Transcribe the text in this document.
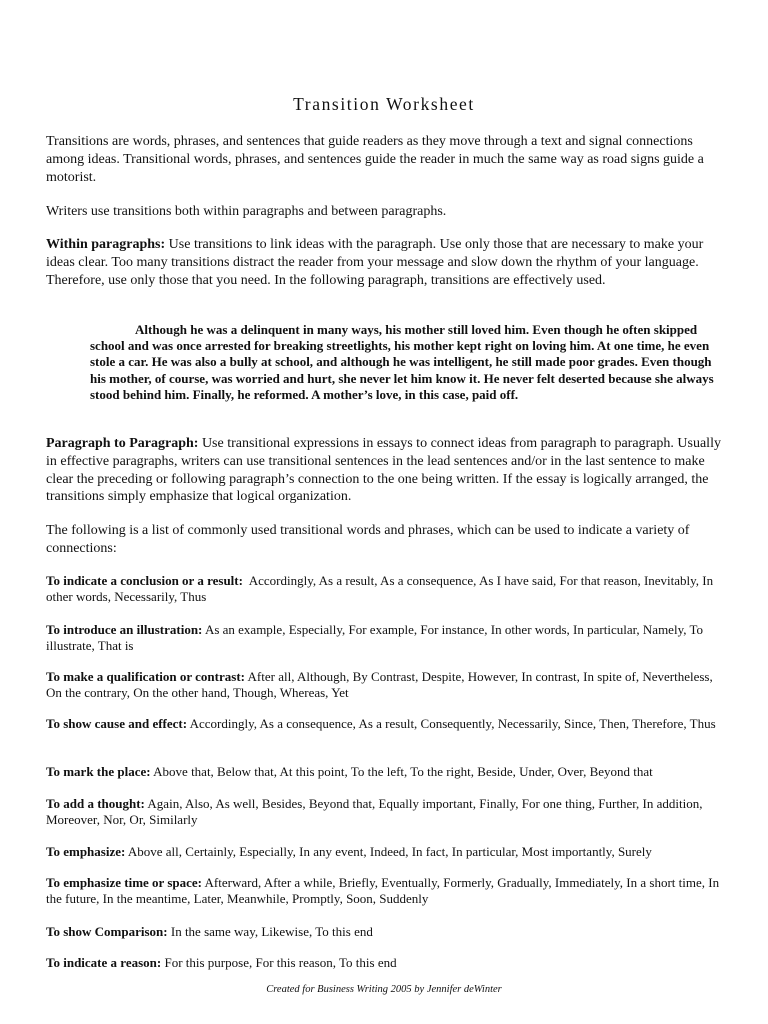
Transition Worksheet

Transitions are words, phrases, and sentences that guide readers as they move through a text and signal connections among ideas. Transitional words, phrases, and sentences guide the reader in much the same way as road signs guide a motorist.

Writers use transitions both within paragraphs and between paragraphs.

Within paragraphs: Use transitions to link ideas with the paragraph. Use only those that are necessary to make your ideas clear. Too many transitions distract the reader from your message and slow down the rhythm of your language. Therefore, use only those that you need. In the following paragraph, transitions are effectively used.

Although he was a delinquent in many ways, his mother still loved him. Even though he often skipped school and was once arrested for breaking streetlights, his mother kept right on loving him. At one time, he even stole a car. He was also a bully at school, and although he was intelligent, he still made poor grades. Even though his mother, of course, was worried and hurt, she never let him know it. He never felt deserted because she always stood behind him. Finally, he reformed. A mother’s love, in this case, paid off.

Paragraph to Paragraph: Use transitional expressions in essays to connect ideas from paragraph to paragraph. Usually in effective paragraphs, writers can use transitional sentences in the lead sentences and/or in the last sentence to make clear the preceding or following paragraph’s connection to the one being written. If the essay is logically arranged, the transitions simply emphasize that logical organization.

The following is a list of commonly used transitional words and phrases, which can be used to indicate a variety of connections:

To indicate a conclusion or a result: Accordingly, As a result, As a consequence, As I have said, For that reason, Inevitably, In other words, Necessarily, Thus

To introduce an illustration: As an example, Especially, For example, For instance, In other words, In particular, Namely, To illustrate, That is

To make a qualification or contrast: After all, Although, By Contrast, Despite, However, In contrast, In spite of, Nevertheless, On the contrary, On the other hand, Though, Whereas, Yet

To show cause and effect: Accordingly, As a consequence, As a result, Consequently, Necessarily, Since, Then, Therefore, Thus

To mark the place: Above that, Below that, At this point, To the left, To the right, Beside, Under, Over, Beyond that

To add a thought: Again, Also, As well, Besides, Beyond that, Equally important, Finally, For one thing, Further, In addition, Moreover, Nor, Or, Similarly

To emphasize: Above all, Certainly, Especially, In any event, Indeed, In fact, In particular, Most importantly, Surely

To emphasize time or space: Afterward, After a while, Briefly, Eventually, Formerly, Gradually, Immediately, In a short time, In the future, In the meantime, Later, Meanwhile, Promptly, Soon, Suddenly

To show Comparison: In the same way, Likewise, To this end

To indicate a reason: For this purpose, For this reason, To this end

Created for Business Writing 2005 by Jennifer deWinter
